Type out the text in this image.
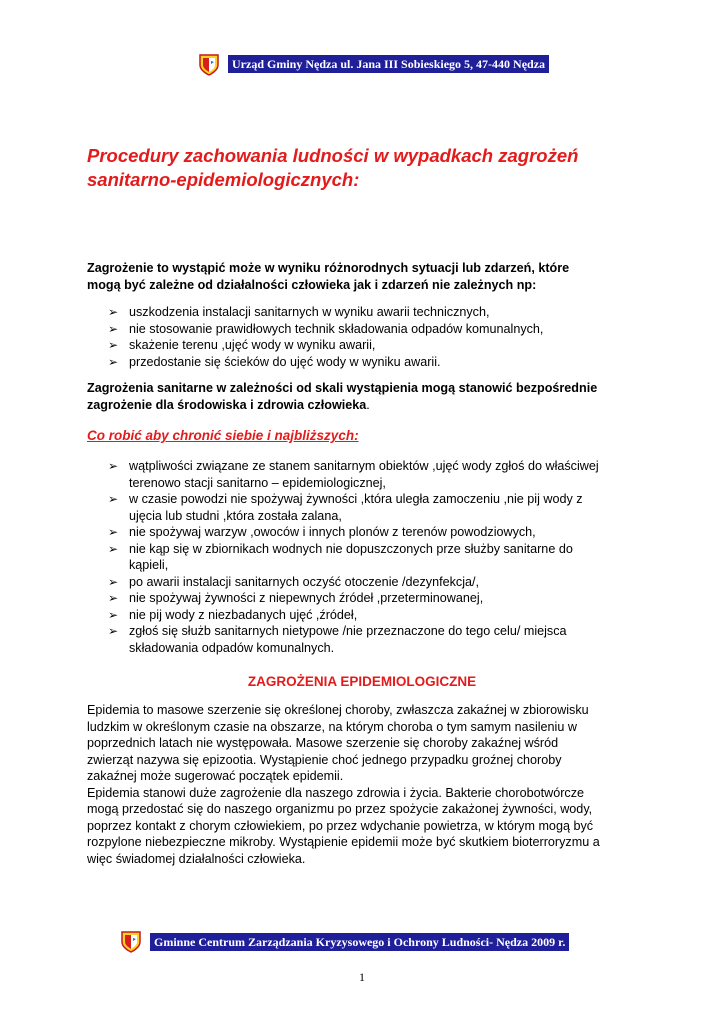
Urząd Gminy Nędza ul. Jana III Sobieskiego 5, 47-440 Nędza
Procedury zachowania ludności w wypadkach zagrożeń
sanitarno-epidemiologicznych:
Zagrożenie to wystąpić może w wyniku różnorodnych sytuacji lub zdarzeń, które
mogą być zależne od działalności człowieka jak i zdarzeń nie zależnych np:
➢ uszkodzenia instalacji sanitarnych w wyniku awarii technicznych,
➢ nie stosowanie prawidłowych technik składowania odpadów komunalnych,
➢ skażenie terenu ,ujęć wody w wyniku awarii,
➢ przedostanie się ścieków do ujęć wody w wyniku awarii.
Zagrożenia sanitarne w zależności od skali wystąpienia mogą stanowić bezpośrednie
zagrożenie dla środowiska i zdrowia człowieka.
Co robić aby chronić siebie i najbliższych:
➢ wątpliwości związane ze stanem sanitarnym obiektów ,ujęć wody zgłoś do właściwej
terenowo stacji sanitarno – epidemiologicznej,
➢ w czasie powodzi nie spożywaj żywności ,która uległa zamoczeniu ,nie pij wody z
ujęcia lub studni ,która została zalana,
➢ nie spożywaj warzyw ,owoców i innych plonów z terenów powodziowych,
➢ nie kąp się w zbiornikach wodnych nie dopuszczonych prze służby sanitarne do
kąpieli,
➢ po awarii instalacji sanitarnych oczyść otoczenie /dezynfekcja/,
➢ nie spożywaj żywności z niepewnych źródeł ,przeterminowanej,
➢ nie pij wody z niezbadanych ujęć ,źródeł,
➢ zgłoś się służb sanitarnych nietypowe /nie przeznaczone do tego celu/ miejsca
składowania odpadów komunalnych.
ZAGROŻENIA EPIDEMIOLOGICZNE
Epidemia to masowe szerzenie się określonej choroby, zwłaszcza zakaźnej w zbiorowisku
ludzkim w określonym czasie na obszarze, na którym choroba o tym samym nasileniu w
poprzednich latach nie występowała. Masowe szerzenie się choroby zakaźnej wśród
zwierząt nazywa się epizootia. Wystąpienie choć jednego przypadku groźnej choroby
zakaźnej może sugerować początek epidemii.
Epidemia stanowi duże zagrożenie dla naszego zdrowia i życia. Bakterie chorobotwórcze
mogą przedostać się do naszego organizmu po przez spożycie zakażonej żywności, wody,
poprzez kontakt z chorym człowiekiem, po przez wdychanie powietrza, w którym mogą być
rozpylone niebezpieczne mikroby. Wystąpienie epidemii może być skutkiem bioterroryzmu a
więc świadomej działalności człowieka.
Gminne Centrum Zarządzania Kryzysowego i Ochrony Ludności- Nędza 2009 r.
1
